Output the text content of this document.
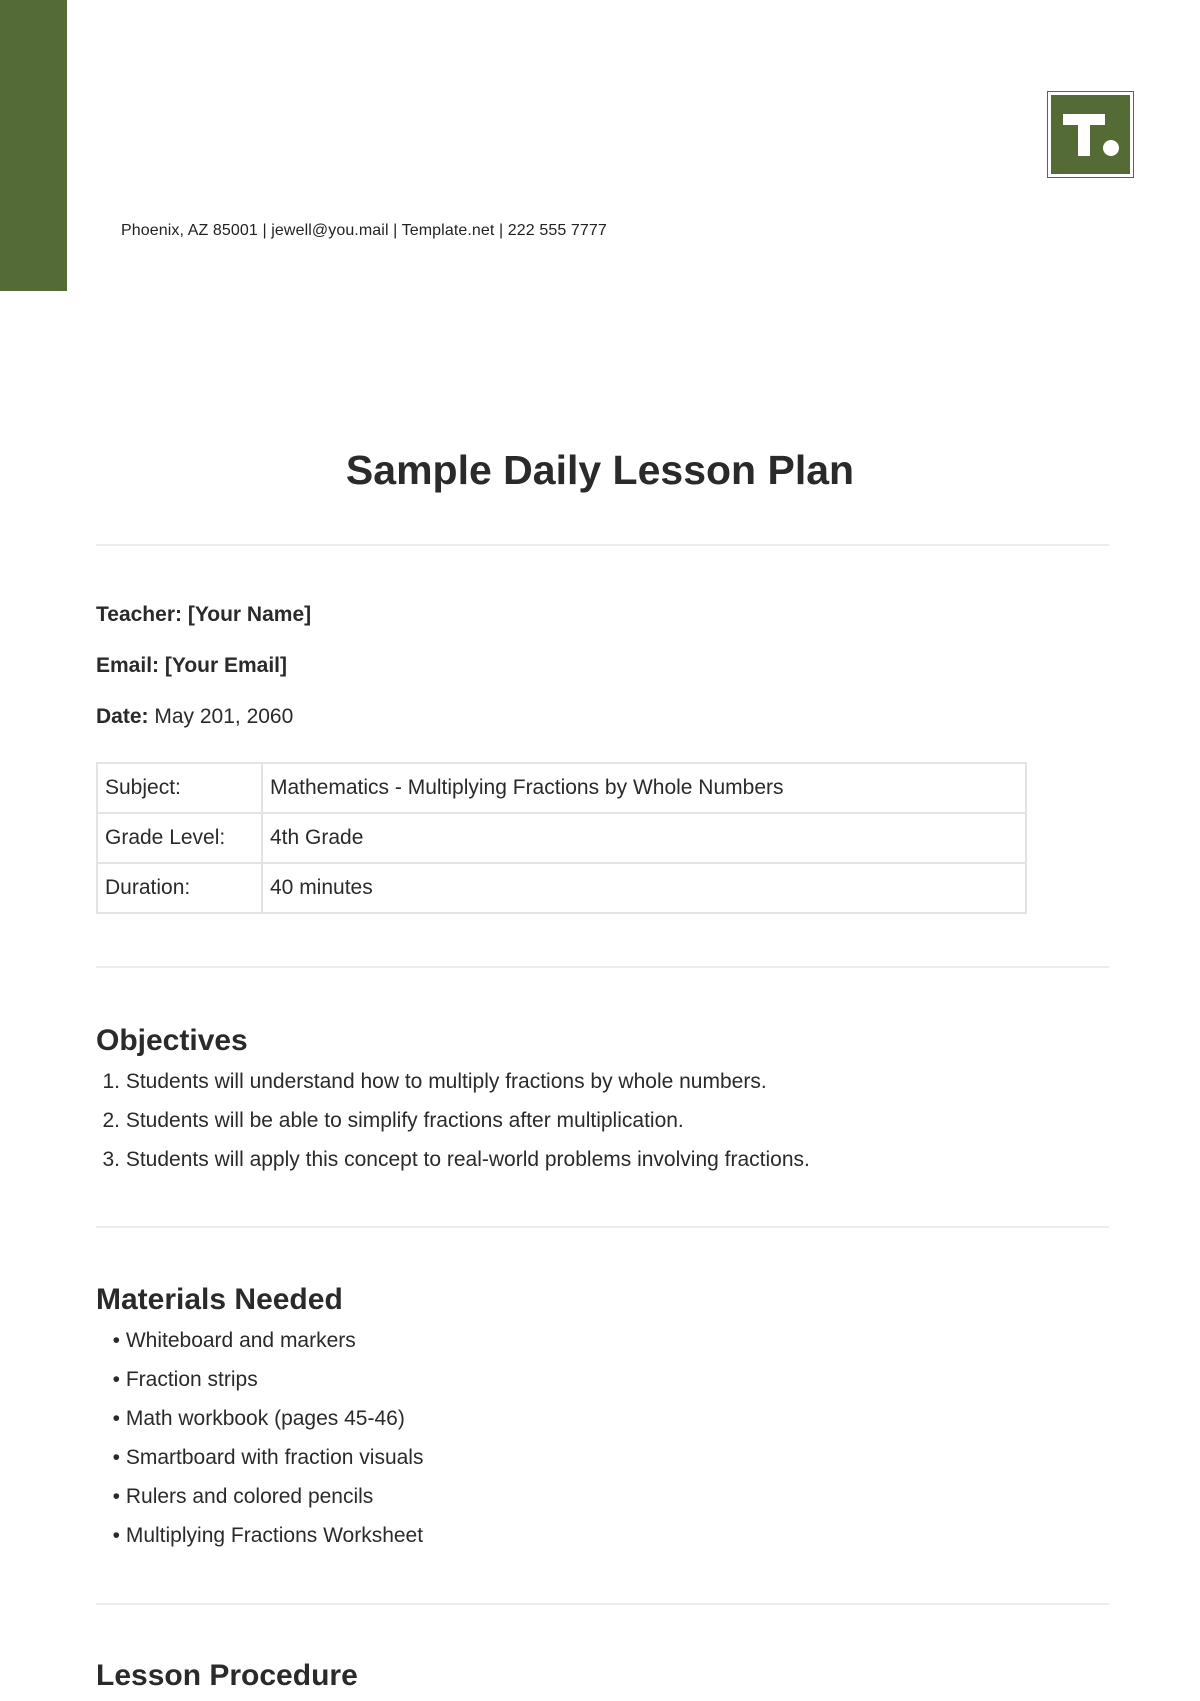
Phoenix, AZ 85001 | jewell@you.mail | Template.net | 222 555 7777
Sample Daily Lesson Plan

Teacher: [Your Name]

Email: [Your Email]

Date: May 201, 2060

Subject:	Mathematics - Multiplying Fractions by Whole Numbers
Grade Level:	4th Grade
Duration:	40 minutes
Objectives
1. Students will understand how to multiply fractions by whole numbers.
2. Students will be able to simplify fractions after multiplication.
3. Students will apply this concept to real-world problems involving fractions.
Materials Needed
• Whiteboard and markers
• Fraction strips
• Math workbook (pages 45-46)
• Smartboard with fraction visuals
• Rulers and colored pencils
• Multiplying Fractions Worksheet
Lesson Procedure
